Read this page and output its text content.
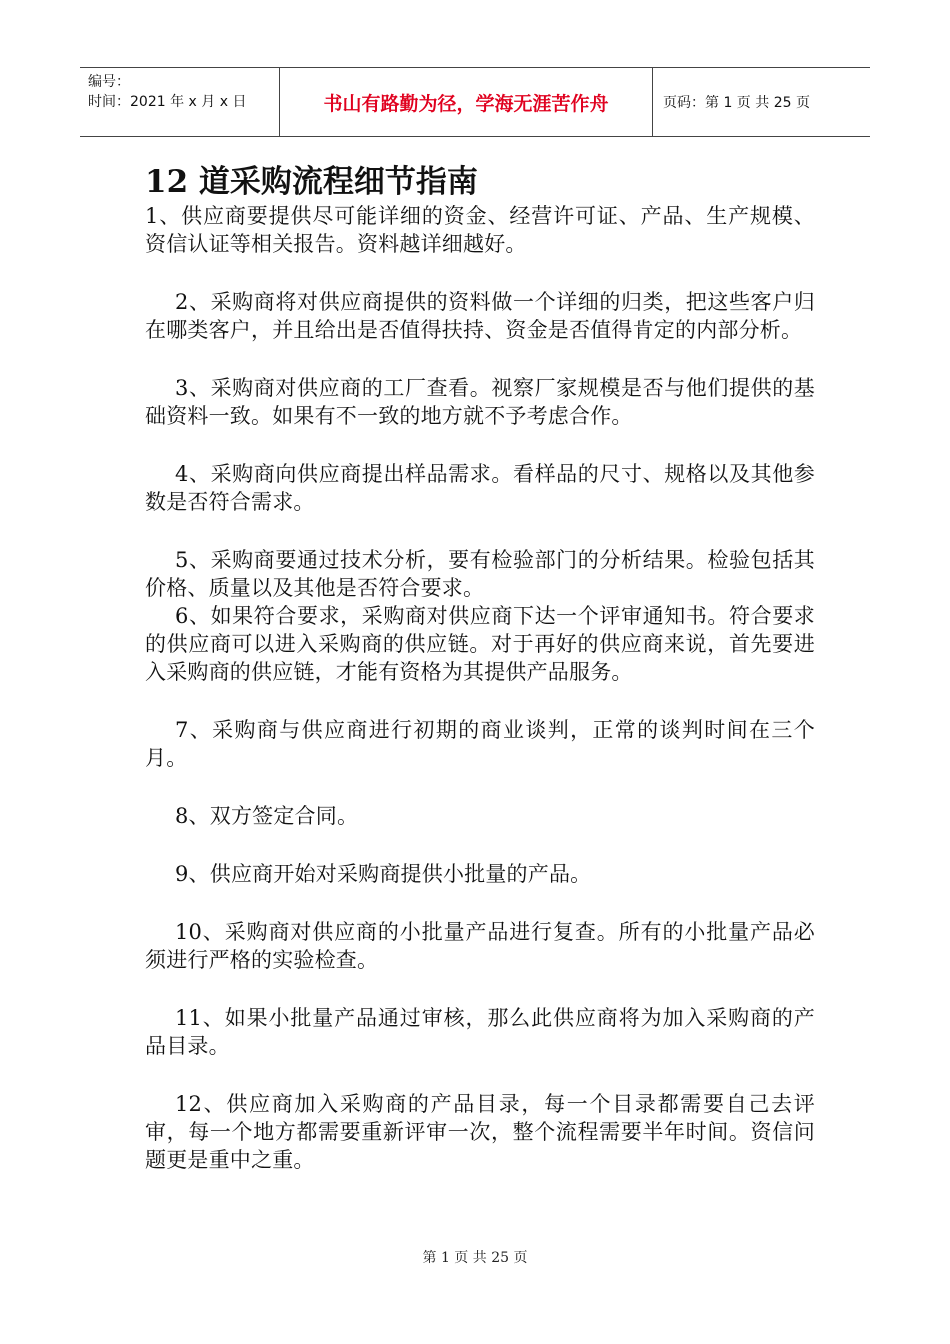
编号：
时间：2021 年 x 月 x 日	书山有路勤为径，学海无涯苦作舟	页码：第 1 页 共 25 页
12 道采购流程细节指南

1、供应商要提供尽可能详细的资金、经营许可证、产品、生产规模、资信认证等相关报告。资料越详细越好。

2、采购商将对供应商提供的资料做一个详细的归类，把这些客户归在哪类客户，并且给出是否值得扶持、资金是否值得肯定的内部分析。

3、采购商对供应商的工厂查看。视察厂家规模是否与他们提供的基础资料一致。如果有不一致的地方就不予考虑合作。

4、采购商向供应商提出样品需求。看样品的尺寸、规格以及其他参数是否符合需求。

5、采购商要通过技术分析，要有检验部门的分析结果。检验包括其价格、质量以及其他是否符合要求。

6、如果符合要求，采购商对供应商下达一个评审通知书。符合要求的供应商可以进入采购商的供应链。对于再好的供应商来说，首先要进入采购商的供应链，才能有资格为其提供产品服务。

7、采购商与供应商进行初期的商业谈判，正常的谈判时间在三个月。

8、双方签定合同。

9、供应商开始对采购商提供小批量的产品。

10、采购商对供应商的小批量产品进行复查。所有的小批量产品必须进行严格的实验检查。

11、如果小批量产品通过审核，那么此供应商将为加入采购商的产品目录。

12、供应商加入采购商的产品目录，每一个目录都需要自己去评审，每一个地方都需要重新评审一次，整个流程需要半年时间。资信问题更是重中之重。

第 1 页 共 25 页
